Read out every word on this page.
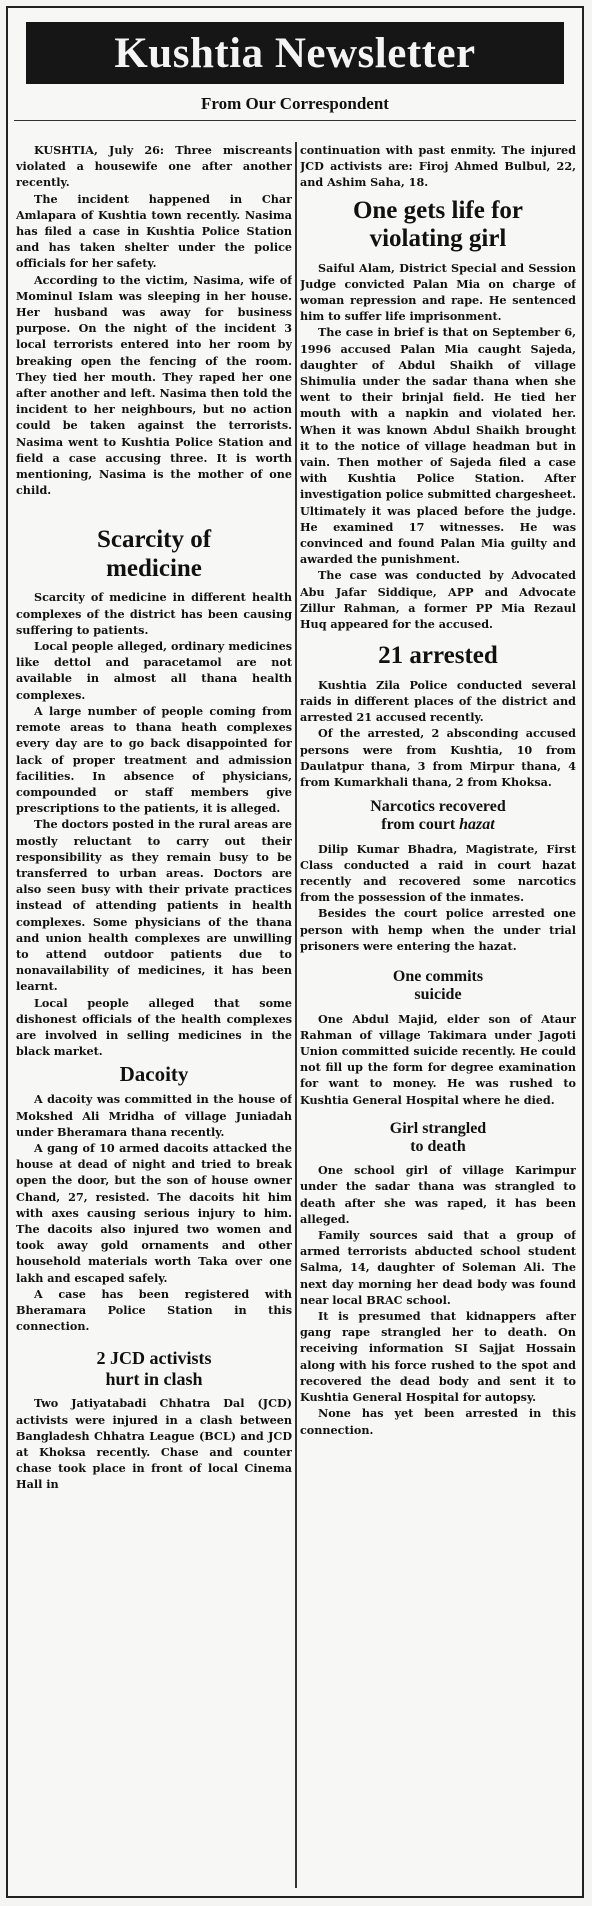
Kushtia Newsletter
From Our Correspondent

KUSHTIA, July 26: Three miscreants violated a housewife one after another recently.

The incident happened in Char Amlapara of Kushtia town recently. Nasima has filed a case in Kushtia Police Station and has taken shelter under the police officials for her safety.

According to the victim, Nasima, wife of Mominul Islam was sleeping in her house. Her husband was away for business purpose. On the night of the incident 3 local terrorists entered into her room by breaking open the fencing of the room. They tied her mouth. They raped her one after another and left. Nasima then told the incident to her neighbours, but no action could be taken against the terrorists. Nasima went to Kushtia Police Station and field a case accusing three. It is worth mentioning, Nasima is the mother of one child.

Scarcity of
medicine

Scarcity of medicine in different health complexes of the district has been causing suffering to patients.

Local people alleged, ordinary medicines like dettol and paracetamol are not available in almost all thana health complexes.

A large number of people coming from remote areas to thana heath complexes every day are to go back disappointed for lack of proper treatment and admission facilities. In absence of physicians, compounded or staff members give prescriptions to the patients, it is alleged.

The doctors posted in the rural areas are mostly reluctant to carry out their responsibility as they remain busy to be transferred to urban areas. Doctors are also seen busy with their private practices instead of attending patients in health complexes. Some physicians of the thana and union health complexes are unwilling to attend outdoor patients due to nonavailability of medicines, it has been learnt.

Local people alleged that some dishonest officials of the health complexes are involved in selling medicines in the black market.

Dacoity

A dacoity was committed in the house of Mokshed Ali Mridha of village Juniadah under Bheramara thana recently.

A gang of 10 armed dacoits attacked the house at dead of night and tried to break open the door, but the son of house owner Chand, 27, resisted. The dacoits hit him with axes causing serious injury to him. The dacoits also injured two women and took away gold ornaments and other household materials worth Taka over one lakh and escaped safely.

A case has been registered with Bheramara Police Station in this connection.

2 JCD activists
hurt in clash

Two Jatiyatabadi Chhatra Dal (JCD) activists were injured in a clash between Bangladesh Chhatra League (BCL) and JCD at Khoksa recently. Chase and counter chase took place in front of local Cinema Hall in

continuation with past enmity. The injured JCD activists are: Firoj Ahmed Bulbul, 22, and Ashim Saha, 18.

One gets life for
violating girl

Saiful Alam, District Special and Session Judge convicted Palan Mia on charge of woman repression and rape. He sentenced him to suffer life imprisonment.

The case in brief is that on September 6, 1996 accused Palan Mia caught Sajeda, daughter of Abdul Shaikh of village Shimulia under the sadar thana when she went to their brinjal field. He tied her mouth with a napkin and violated her. When it was known Abdul Shaikh brought it to the notice of village headman but in vain. Then mother of Sajeda filed a case with Kushtia Police Station. After investigation police submitted chargesheet. Ultimately it was placed before the judge. He examined 17 witnesses. He was convinced and found Palan Mia guilty and awarded the punishment.

The case was conducted by Advocated Abu Jafar Siddique, APP and Advocate Zillur Rahman, a former PP Mia Rezaul Huq appeared for the accused.

21 arrested

Kushtia Zila Police conducted several raids in different places of the district and arrested 21 accused recently.

Of the arrested, 2 absconding accused persons were from Kushtia, 10 from Daulatpur thana, 3 from Mirpur thana, 4 from Kumarkhali thana, 2 from Khoksa.

Narcotics recovered
from court hazat

Dilip Kumar Bhadra, Magistrate, First Class conducted a raid in court hazat recently and recovered some narcotics from the possession of the inmates.

Besides the court police arrested one person with hemp when the under trial prisoners were entering the hazat.

One commits
suicide

One Abdul Majid, elder son of Ataur Rahman of village Takimara under Jagoti Union committed suicide recently. He could not fill up the form for degree examination for want to money. He was rushed to Kushtia General Hospital where he died.

Girl strangled
to death

One school girl of village Karimpur under the sadar thana was strangled to death after she was raped, it has been alleged.

Family sources said that a group of armed terrorists abducted school student Salma, 14, daughter of Soleman Ali. The next day morning her dead body was found near local BRAC school.

It is presumed that kidnappers after gang rape strangled her to death. On receiving information SI Sajjat Hossain along with his force rushed to the spot and recovered the dead body and sent it to Kushtia General Hospital for autopsy.

None has yet been arrested in this connection.
